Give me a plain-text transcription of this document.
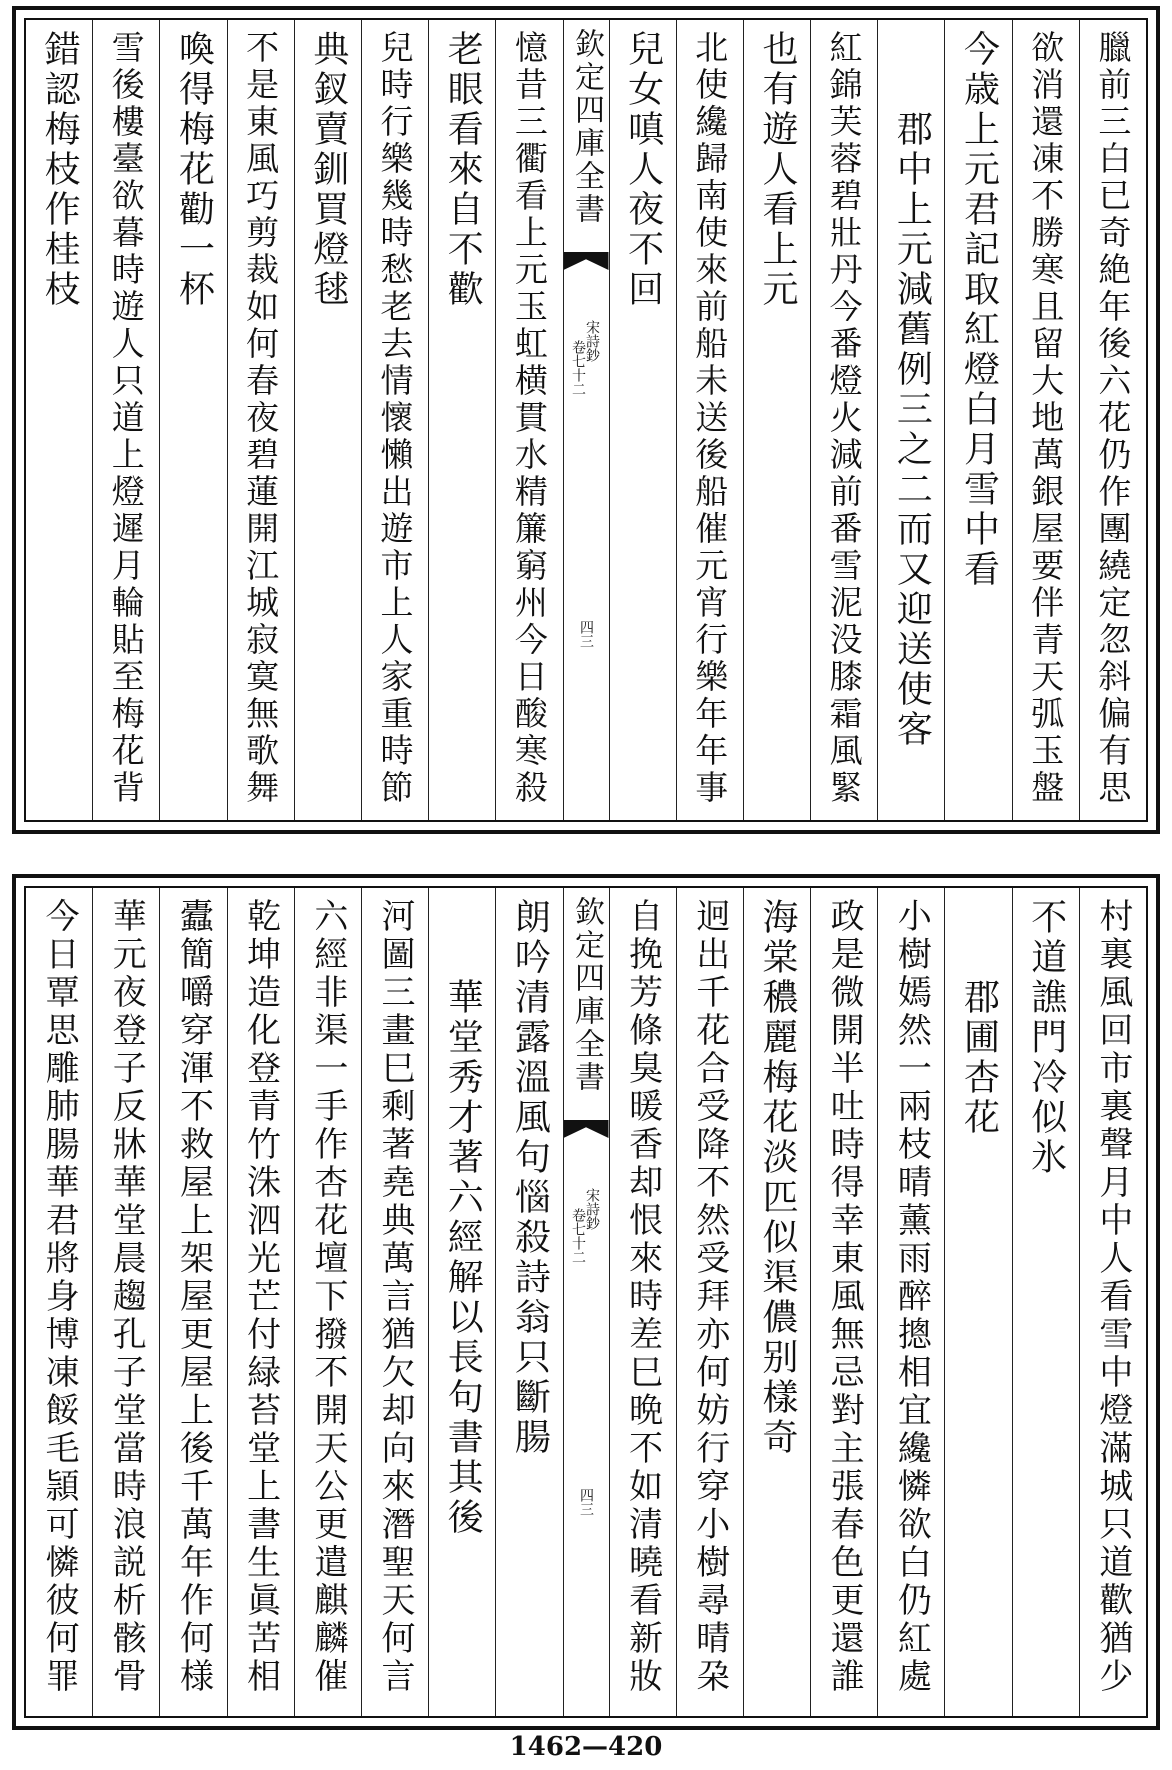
臘前三白已奇絶年後六花仍作團繞定忽斜偏有思
欲消還凍不勝寒且留大地萬銀屋要伴青天弧玉盤
今歳上元君記取紅燈白月雪中看
郡中上元減舊例三之二而又迎送使客
紅錦芙蓉碧壯丹今番燈火減前番雪泥没膝霜風緊
也有遊人看上元
北使纔歸南使來前船未送後船催元宵行樂年年事
兒女嗔人夜不回
欽定四庫全書
宋詩鈔
卷七十二
四三
憶昔三衢看上元玉虹横貫水精簾窮州今日酸寒殺
老眼看來自不歡
兒時行樂幾時愁老去情懷懶出遊市上人家重時節
典釵賣釧買燈毬
不是東風巧剪裁如何春夜碧蓮開江城寂寞無歌舞
喚得梅花勸一杯
雪後樓臺欲暮時遊人只道上燈遲月輪貼至梅花背
錯認梅枝作桂枝
村裏風回市裏聲月中人看雪中燈滿城只道歡猶少
不道譙門冷似氷
郡圃杏花
小樹嫣然一兩枝晴薰雨醉摠相宜纔憐欲白仍紅處
政是微開半吐時得幸東風無忌對主張春色更還誰
海棠穠麗梅花淡匹似渠儂别樣奇
迥出千花合受降不然受拜亦何妨行穿小樹尋晴朶
自挽芳條臭暖香却恨來時差巳晩不如清曉看新妝
欽定四庫全書
宋詩鈔
卷七十二
四三
朗吟清露溫風句惱殺詩翁只斷腸
華堂秀才著六經解以長句書其後
河圖三畫巳剩著堯典萬言猶欠却向來潛聖天何言
六經非渠一手作杏花壇下撥不開天公更遣麒麟催
乾坤造化登青竹洙泗光芒付緑苔堂上書生眞苦相
蠹簡嚼穿渾不救屋上架屋更屋上後千萬年作何様
華元夜登子反牀華堂晨趨孔子堂當時浪説析骸骨
今日覃思雕肺腸華君將身博凍餒毛頴可憐彼何罪
1462—420
